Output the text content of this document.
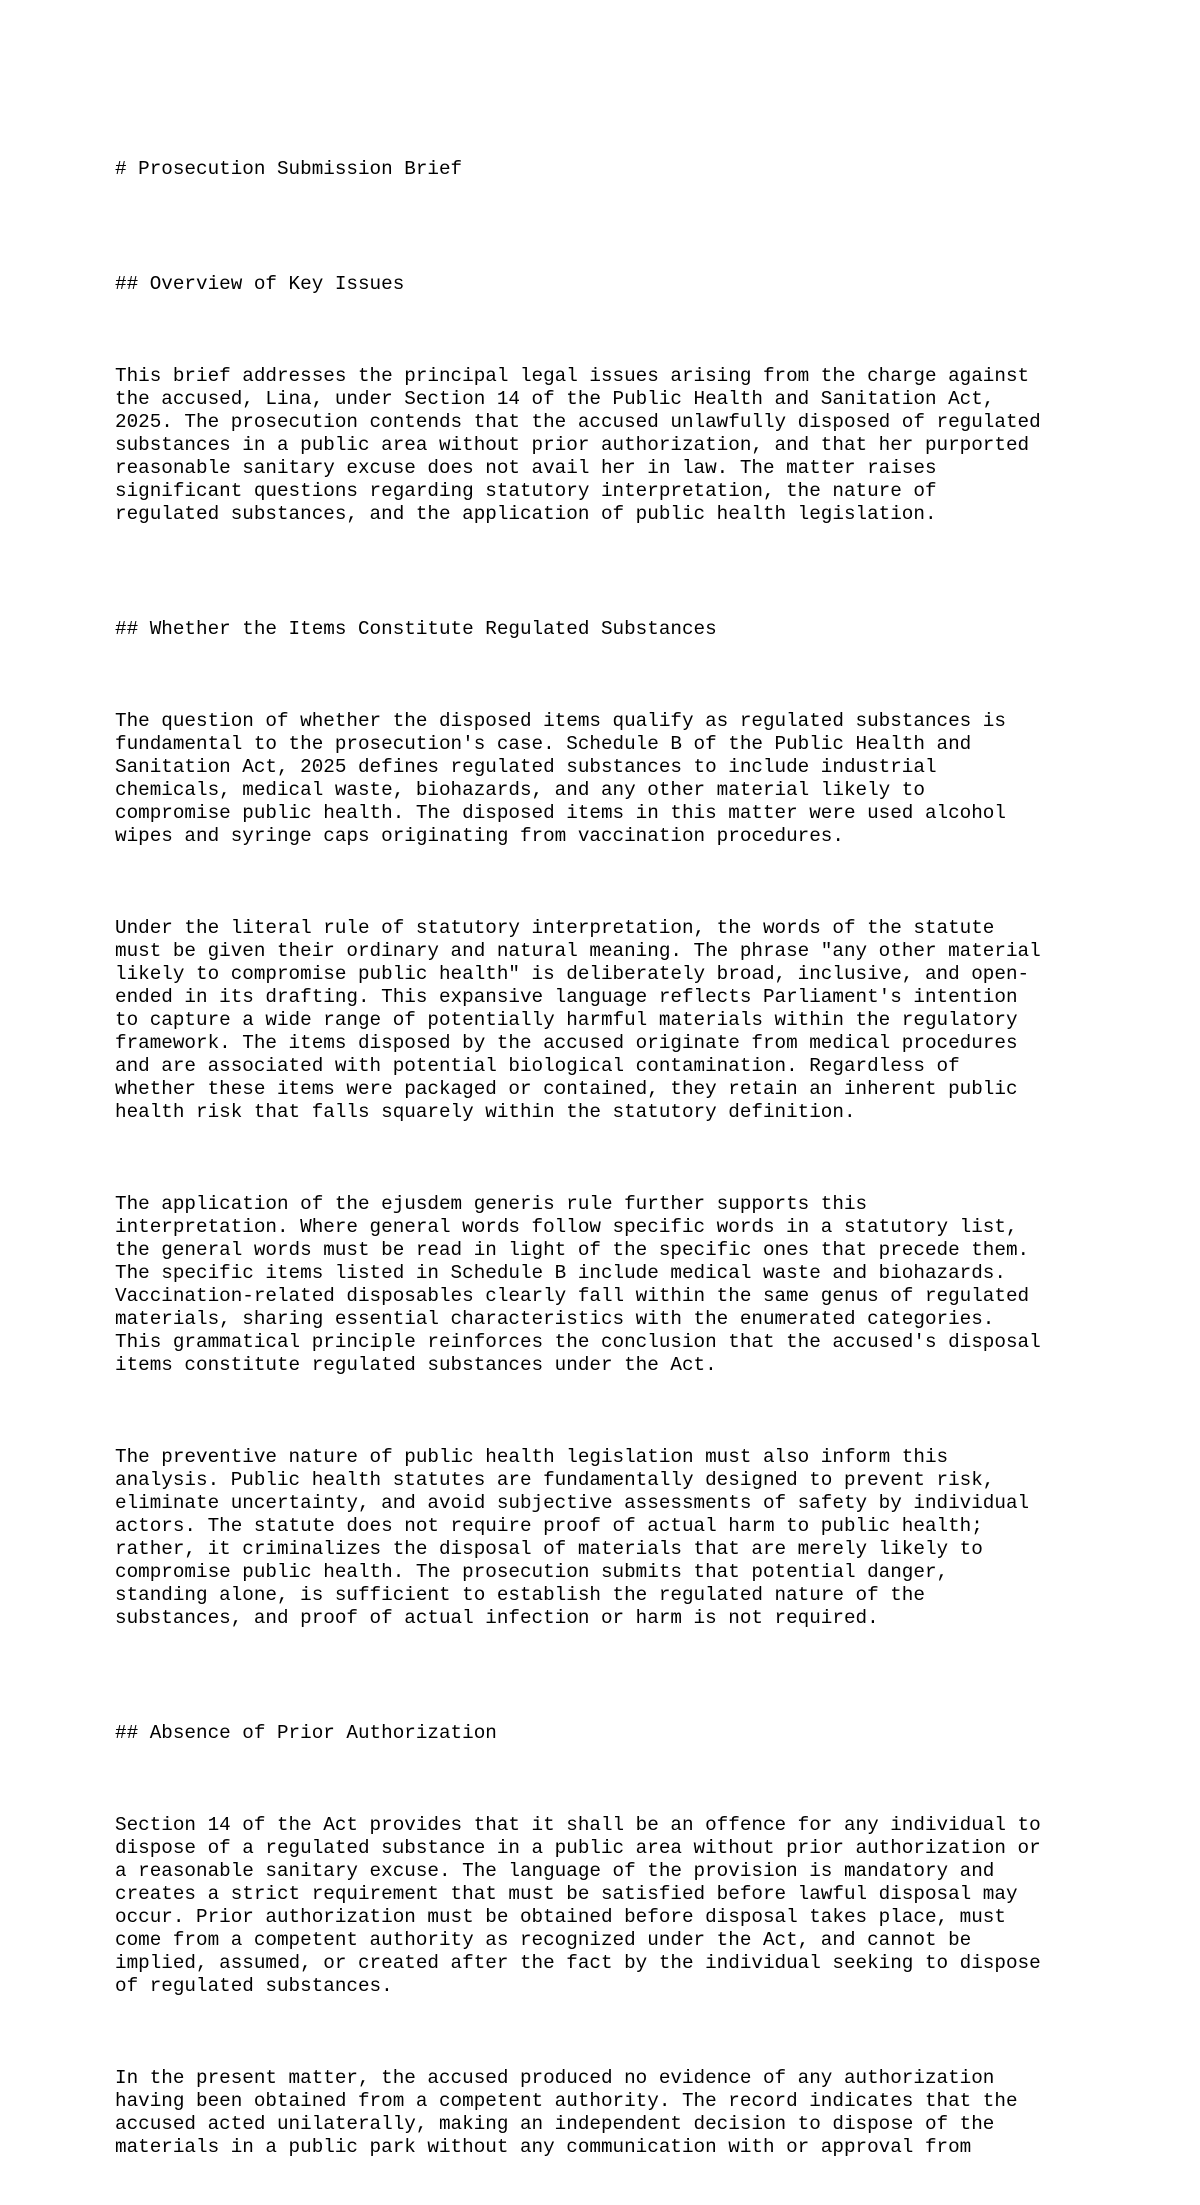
# Prosecution Submission Brief

## Overview of Key Issues

This brief addresses the principal legal issues arising from the charge against
the accused, Lina, under Section 14 of the Public Health and Sanitation Act,
2025. The prosecution contends that the accused unlawfully disposed of regulated
substances in a public area without prior authorization, and that her purported
reasonable sanitary excuse does not avail her in law. The matter raises
significant questions regarding statutory interpretation, the nature of
regulated substances, and the application of public health legislation.

## Whether the Items Constitute Regulated Substances

The question of whether the disposed items qualify as regulated substances is
fundamental to the prosecution's case. Schedule B of the Public Health and
Sanitation Act, 2025 defines regulated substances to include industrial
chemicals, medical waste, biohazards, and any other material likely to
compromise public health. The disposed items in this matter were used alcohol
wipes and syringe caps originating from vaccination procedures.

Under the literal rule of statutory interpretation, the words of the statute
must be given their ordinary and natural meaning. The phrase "any other material
likely to compromise public health" is deliberately broad, inclusive, and open-
ended in its drafting. This expansive language reflects Parliament's intention
to capture a wide range of potentially harmful materials within the regulatory
framework. The items disposed by the accused originate from medical procedures
and are associated with potential biological contamination. Regardless of
whether these items were packaged or contained, they retain an inherent public
health risk that falls squarely within the statutory definition.

The application of the ejusdem generis rule further supports this
interpretation. Where general words follow specific words in a statutory list,
the general words must be read in light of the specific ones that precede them.
The specific items listed in Schedule B include medical waste and biohazards.
Vaccination-related disposables clearly fall within the same genus of regulated
materials, sharing essential characteristics with the enumerated categories.
This grammatical principle reinforces the conclusion that the accused's disposal
items constitute regulated substances under the Act.

The preventive nature of public health legislation must also inform this
analysis. Public health statutes are fundamentally designed to prevent risk,
eliminate uncertainty, and avoid subjective assessments of safety by individual
actors. The statute does not require proof of actual harm to public health;
rather, it criminalizes the disposal of materials that are merely likely to
compromise public health. The prosecution submits that potential danger,
standing alone, is sufficient to establish the regulated nature of the
substances, and proof of actual infection or harm is not required.

## Absence of Prior Authorization

Section 14 of the Act provides that it shall be an offence for any individual to
dispose of a regulated substance in a public area without prior authorization or
a reasonable sanitary excuse. The language of the provision is mandatory and
creates a strict requirement that must be satisfied before lawful disposal may
occur. Prior authorization must be obtained before disposal takes place, must
come from a competent authority as recognized under the Act, and cannot be
implied, assumed, or created after the fact by the individual seeking to dispose
of regulated substances.

In the present matter, the accused produced no evidence of any authorization
having been obtained from a competent authority. The record indicates that the
accused acted unilaterally, making an independent decision to dispose of the
materials in a public park without any communication with or approval from
